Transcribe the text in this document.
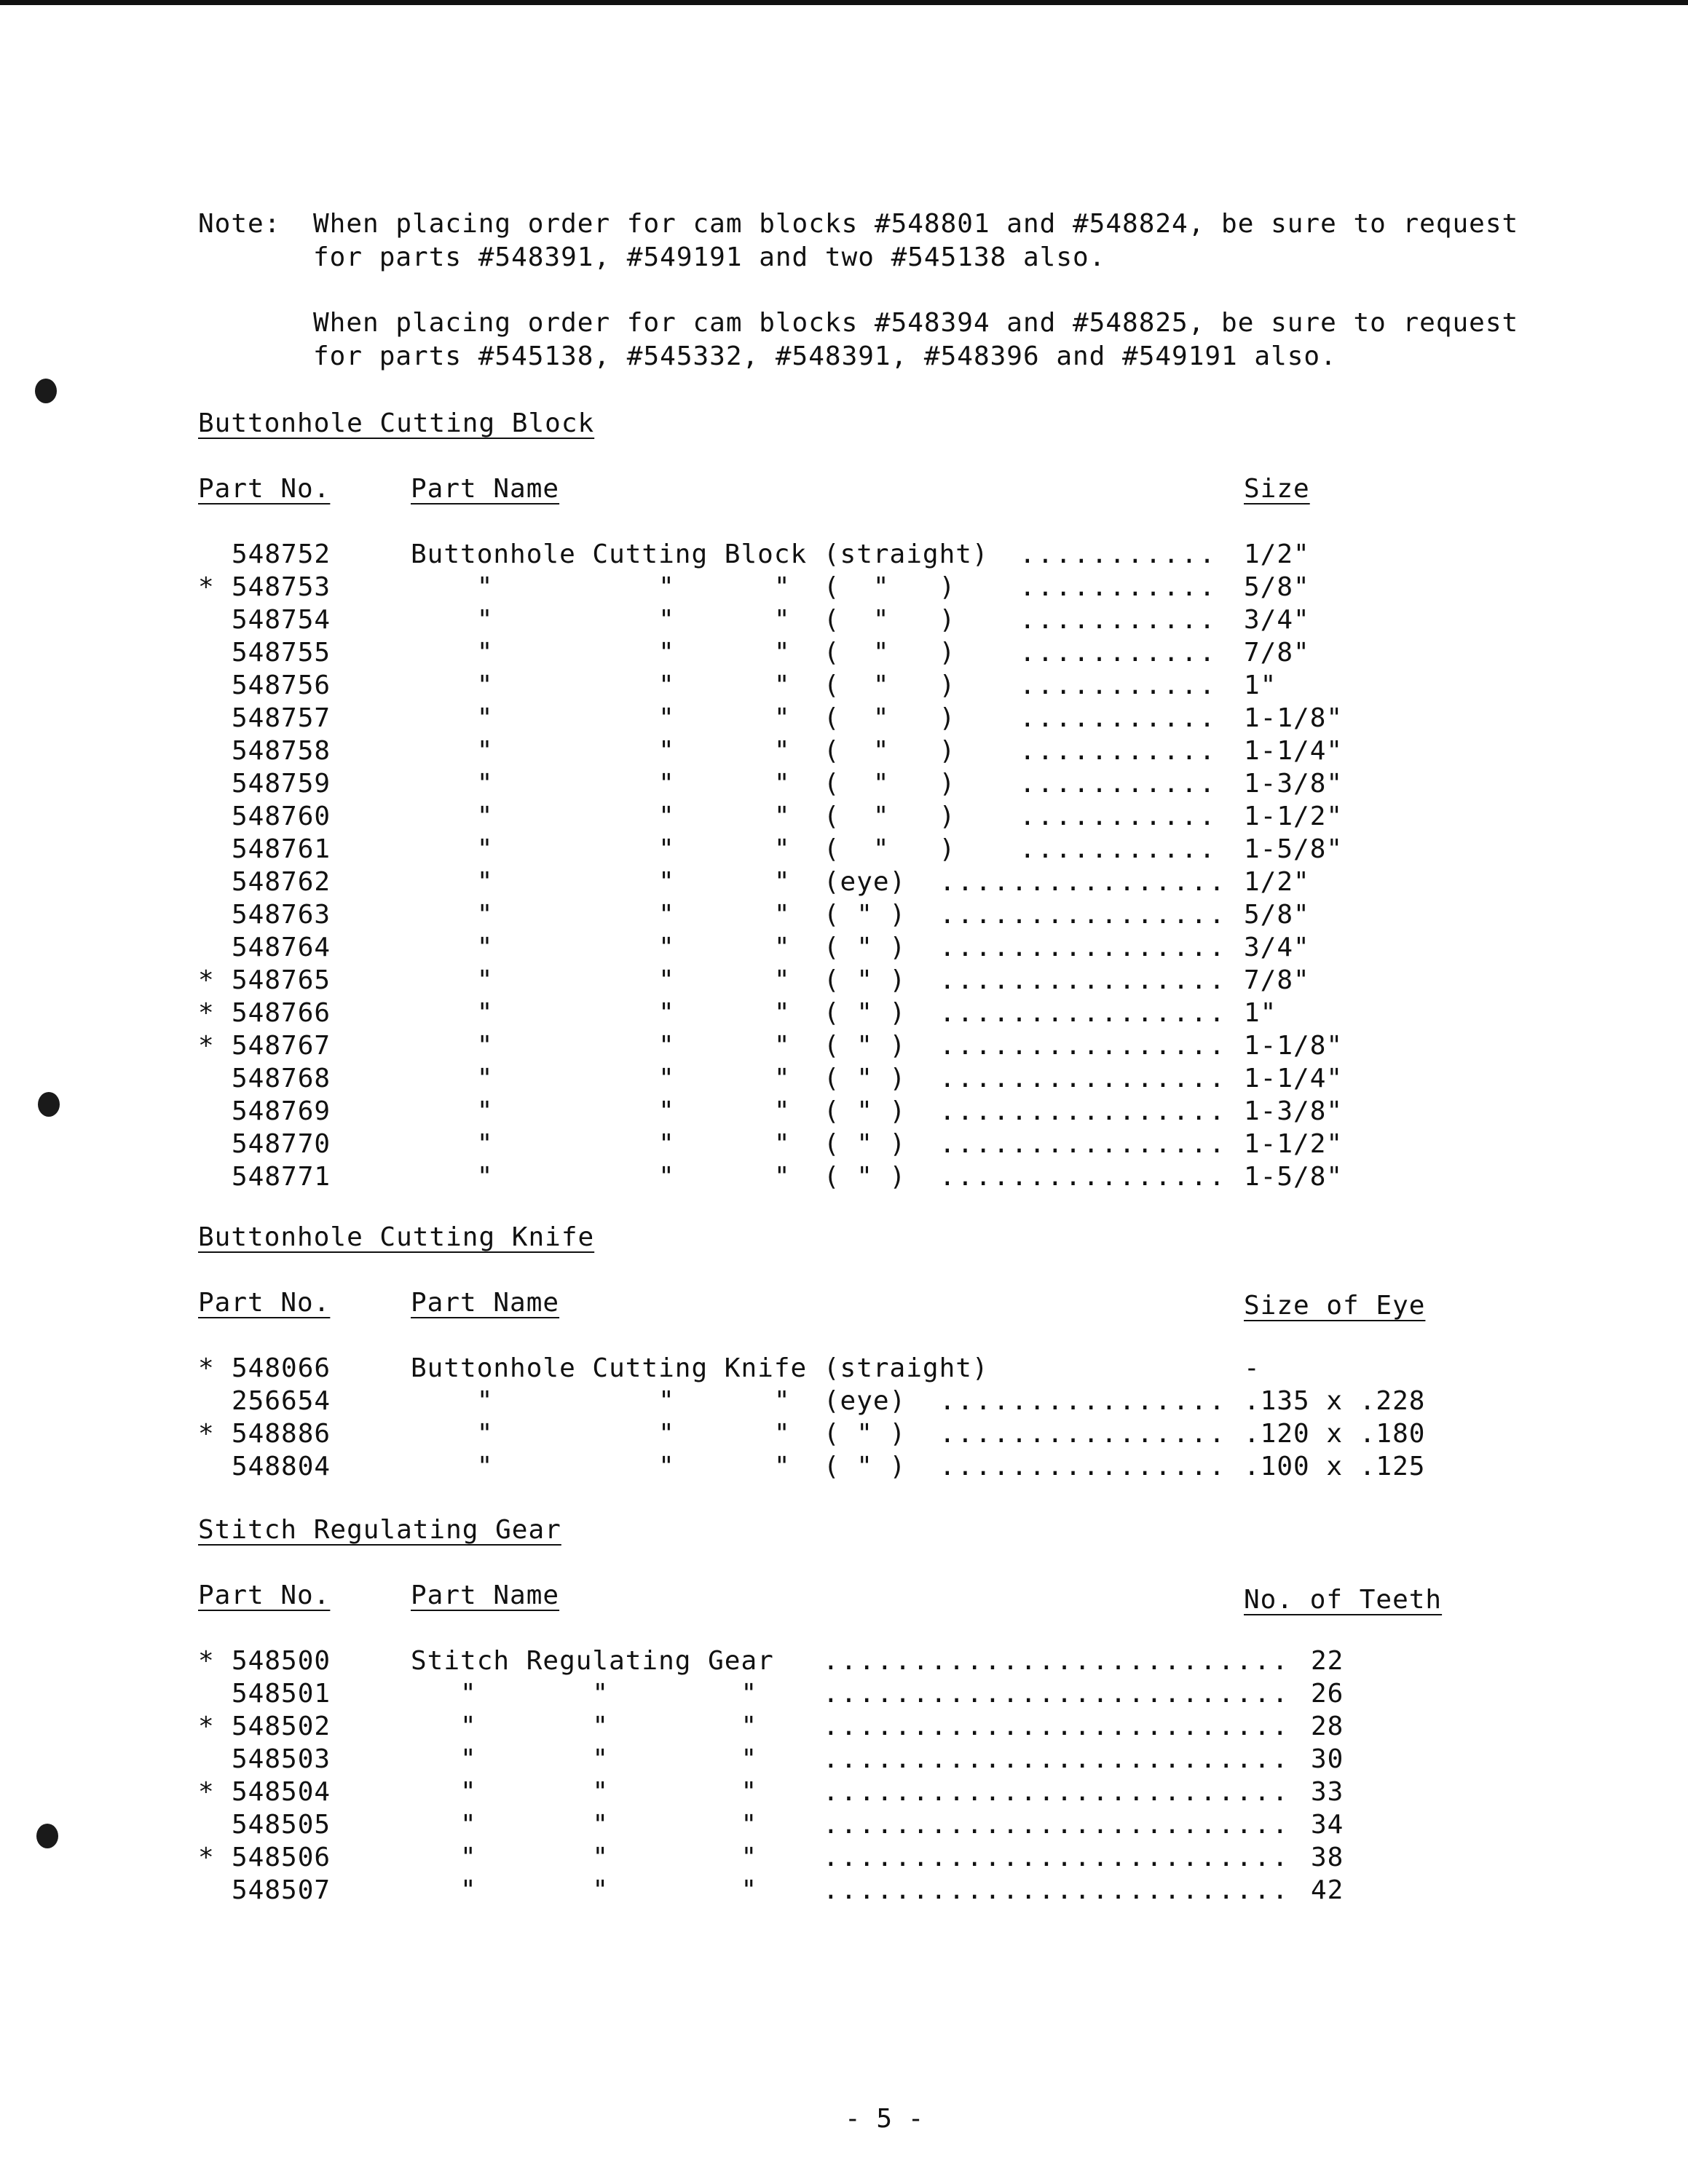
Note: When placing order for cam blocks #548801 and #548824, be sure to request
for parts #548391, #549191 and two #545138 also.
When placing order for cam blocks #548394 and #548825, be sure to request
for parts #545138, #545332, #548391, #548396 and #549191 also.
Buttonhole Cutting Block
Part No.	Part Name	Size
Buttonhole Cutting Knife
Part No.	Part Name	Size of Eye
Stitch Regulating Gear
Part No.	Part Name	No. of Teeth
548752	Buttonhole Cutting Block (straight) ........... 1/2"
* 548753	"          "      "  (  "   ) ........... 5/8"
548754	"          "      "  (  "   ) ........... 3/4"
548755	"          "      "  (  "   ) ........... 7/8"
548756	"          "      "  (  "   ) ........... 1"
548757	"          "      "  (  "   ) ........... 1-1/8"
548758	"          "      "  (  "   ) ........... 1-1/4"
548759	"          "      "  (  "   ) ........... 1-3/8"
548760	"          "      "  (  "   ) ........... 1-1/2"
548761	"          "      "  (  "   ) ........... 1-5/8"
548762	"          "      "  (eye) ................ 1/2"
548763	"          "      "  ( " ) ................ 5/8"
548764	"          "      "  ( " ) ................ 3/4"
* 548765	"          "      "  ( " ) ................ 7/8"
* 548766	"          "      "  ( " ) ................ 1"
* 548767	"          "      "  ( " ) ................ 1-1/8"
548768	"          "      "  ( " ) ................ 1-1/4"
548769	"          "      "  ( " ) ................ 1-3/8"
548770	"          "      "  ( " ) ................ 1-1/2"
548771	"          "      "  ( " ) ................ 1-5/8"
* 548066	Buttonhole Cutting Knife (straight)	-
256654	"          "      "  (eye) ................ .135 x .228
* 548886	"          "      "  ( " ) ................ .120 x .180
548804	"          "      "  ( " ) ................ .100 x .125
* 548500	Stitch Regulating Gear .......................... 22
548501	"       "        " .......................... 26
* 548502	"       "        " .......................... 28
548503	"       "        " .......................... 30
* 548504	"       "        " .......................... 33
548505	"       "        " .......................... 34
* 548506	"       "        " .......................... 38
548507	"       "        " .......................... 42
- 5 -
